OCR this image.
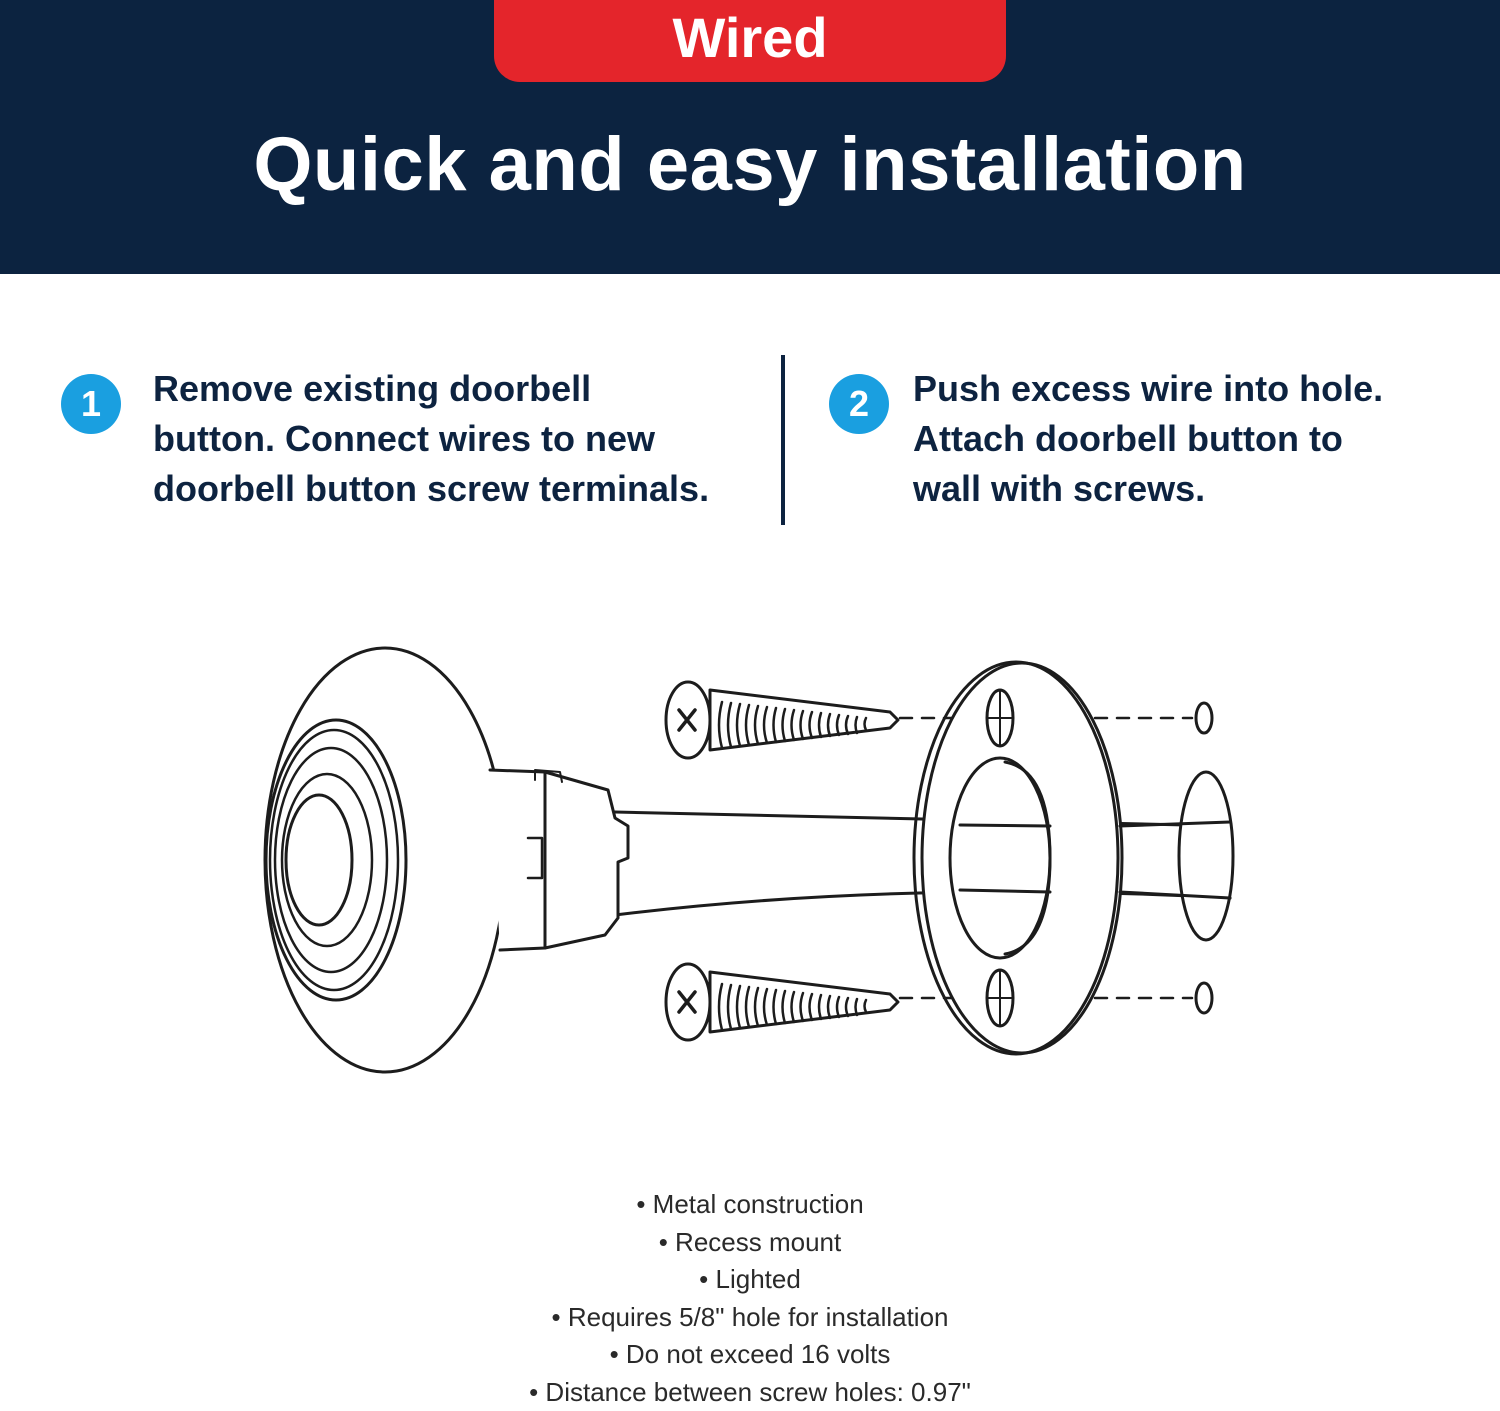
Wired
Quick and easy installation
1	Remove existing doorbell
button. Connect wires to new
doorbell button screw terminals.
2	Push excess wire into hole.
Attach doorbell button to
wall with screws.
• Metal construction
• Recess mount
• Lighted
• Requires 5/8" hole for installation
• Do not exceed 16 volts
• Distance between screw holes: 0.97"
